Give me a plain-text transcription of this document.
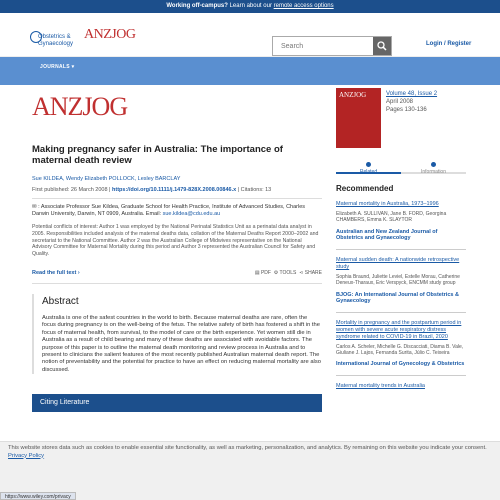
Working off-campus? Learn about our remote access options
Obstetrics &
Gynaecology
ANZJOG
Search	Login / Register
JOURNALS ▾
ANZJOG
Making pregnancy safer in Australia: The importance of maternal death review
Sue KILDEA, Wendy Elizabeth POLLOCK, Lesley BARCLAY
First published: 26 March 2008 | https://doi.org/10.1111/j.1479-828X.2008.00846.x | Citations: 13
✉ : Associate Professor Sue Kildea, Graduate School for Health Practice, Institute of Advanced Studies, Charles Darwin University, Darwin, NT 0909, Australia. Email: sue.kildea@cdu.edu.au
Potential conflicts of interest: Author 1 was employed by the National Perinatal Statistics Unit as a perinatal data analyst in 2005. Responsibilities included analysis of the maternal deaths data, collation of the Maternal Deaths Report 2000–2002 and secretariat to the National Committee. Author 2 was the Australian College of Midwives representative on the National Advisory Committee for Maternal Mortality during this period and Author 3 represented the Australian Council for Safety and Quality.
Read the full text ›	▤ PDF ⚙ TOOLS ⋖ SHARE
Abstract

Australia is one of the safest countries in the world to birth. Because maternal deaths are rare, often the focus during pregnancy is on the well-being of the fetus. The relative safety of birth has fostered a shift in the focus of maternal health, from survival, to the model of care or the birth experience. Yet women still die in Australia as a result of child bearing and many of these deaths are associated with avoidable factors. The purpose of this paper is to outline the maternal death monitoring and review process in Australia and to present to clinicians the salient features of the most recently published Australian maternal death report. The notion of preventability and the potential for practice to have an effect on reducing maternal mortality are also discussed.

Citing Literature
ANZJOG	Volume 48, Issue 2
April 2008
Pages 130-136
Information
Recommended
Maternal mortality in Australia, 1973–1996
Elizabeth A. SULLIVAN, Jane B. FORD, Georgina CHAMBERS, Emma K. SLAYTOR
Australian and New Zealand Journal of Obstetrics and Gynaecology
Maternal sudden death: A nationwide retrospective study
Sophia Braund, Juliette Leviel, Estelle Morau, Catherine Deneux-Tharaux, Eric Verspyck, ENCMM study group
BJOG: An International Journal of Obstetrics & Gynaecology
Mortality in pregnancy and the postpartum period in women with severe acute respiratory distress syndrome related to COVID-19 in Brazil, 2020
Carlos A. Scheler, Michelle G. Discacciati, Diama B. Vale, Giuliane J. Lajos, Fernanda Surita, Júlio C. Teixeira
International Journal of Gynecology & Obstetrics
Maternal mortality trends in Australia
This website stores data such as cookies to enable essential site functionality, as well as marketing, personalization, and analytics. By remaining on this website you indicate your consent. Privacy Policy
https://www.wiley.com/privacy
